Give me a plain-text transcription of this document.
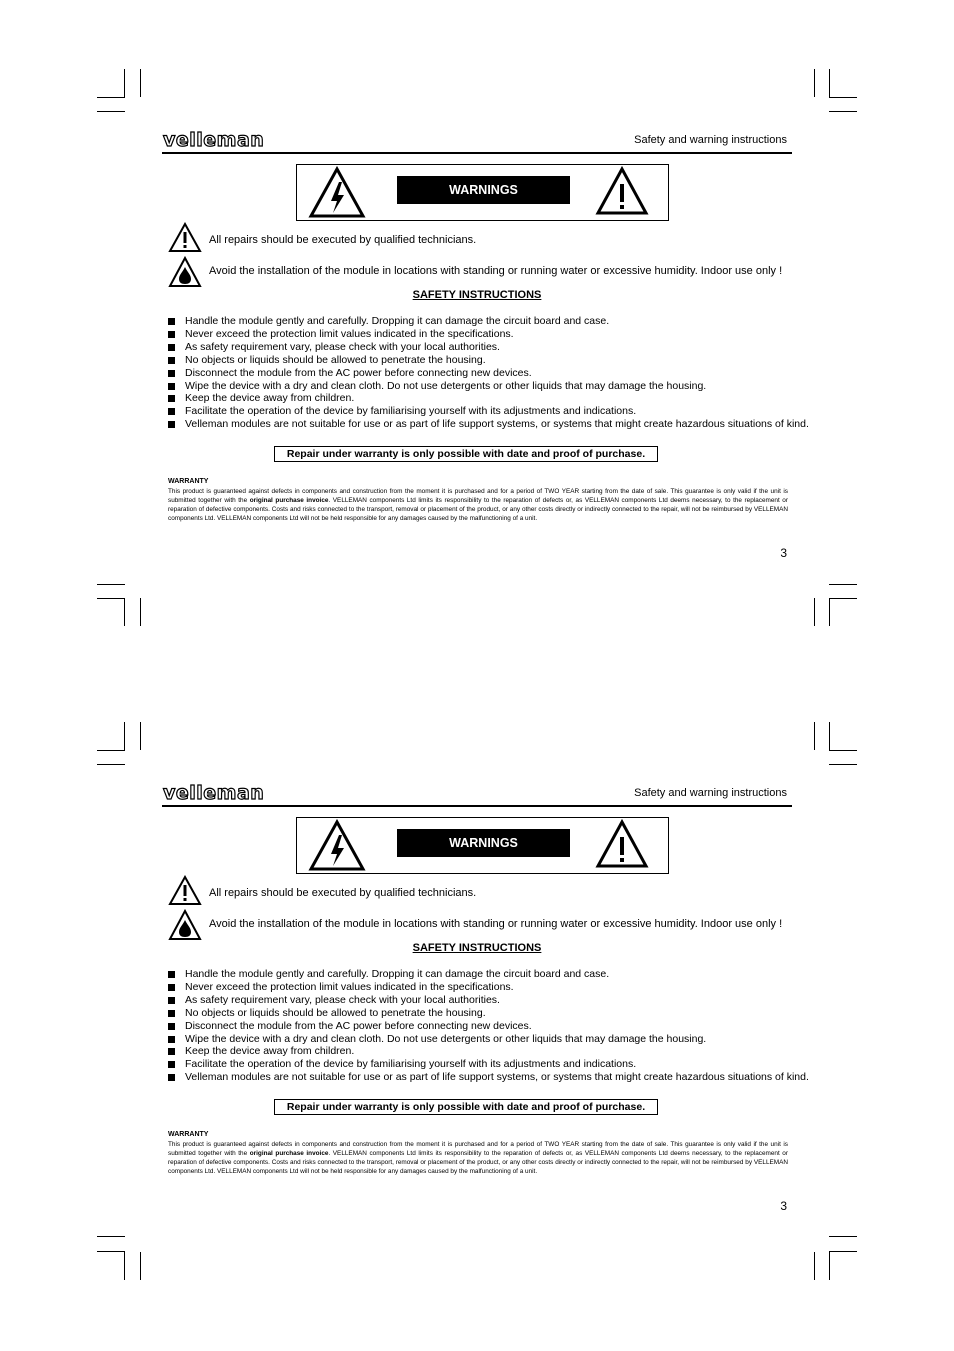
velleman	Safety and warning instructions
WARNINGS
All repairs should be executed by qualified technicians.
Avoid the installation of the module in locations with standing or running water or excessive humidity. Indoor use only !
SAFETY INSTRUCTIONS
Handle the module gently and carefully. Dropping it can damage the circuit board and case.
Never exceed the protection limit values indicated in the specifications.
As safety requirement vary, please check with your local authorities.
No objects or liquids should be allowed to penetrate the housing.
Disconnect the module from the AC power before connecting new devices.
Wipe the device with a dry and clean cloth. Do not use detergents or other liquids that may damage the housing.
Keep the device away from children.
Facilitate the operation of the device by familiarising yourself with its adjustments and indications.
Velleman modules are not suitable for use or as part of life support systems, or systems that might create hazardous situations of kind.
Repair under warranty is only possible with date and proof of purchase.
WARRANTY
This product is guaranteed against defects in components and construction from the moment it is purchased and for a period of TWO YEAR starting from the date of sale. This guarantee is only valid if the unit is submitted together with the original purchase invoice. VELLEMAN components Ltd limits its responsibility to the reparation of defects or, as VELLEMAN components Ltd deems necessary, to the replacement or reparation of defective components. Costs and risks connected to the transport, removal or placement of the product, or any other costs directly or indirectly connected to the repair, will not be reimbursed by VELLEMAN components Ltd. VELLEMAN components Ltd will not be held responsible for any damages caused by the malfunctioning of a unit.
3
velleman	Safety and warning instructions
WARNINGS
All repairs should be executed by qualified technicians.
Avoid the installation of the module in locations with standing or running water or excessive humidity. Indoor use only !
SAFETY INSTRUCTIONS
Handle the module gently and carefully. Dropping it can damage the circuit board and case.
Never exceed the protection limit values indicated in the specifications.
As safety requirement vary, please check with your local authorities.
No objects or liquids should be allowed to penetrate the housing.
Disconnect the module from the AC power before connecting new devices.
Wipe the device with a dry and clean cloth. Do not use detergents or other liquids that may damage the housing.
Keep the device away from children.
Facilitate the operation of the device by familiarising yourself with its adjustments and indications.
Velleman modules are not suitable for use or as part of life support systems, or systems that might create hazardous situations of kind.
Repair under warranty is only possible with date and proof of purchase.
WARRANTY
This product is guaranteed against defects in components and construction from the moment it is purchased and for a period of TWO YEAR starting from the date of sale. This guarantee is only valid if the unit is submitted together with the original purchase invoice. VELLEMAN components Ltd limits its responsibility to the reparation of defects or, as VELLEMAN components Ltd deems necessary, to the replacement or reparation of defective components. Costs and risks connected to the transport, removal or placement of the product, or any other costs directly or indirectly connected to the repair, will not be reimbursed by VELLEMAN components Ltd. VELLEMAN components Ltd will not be held responsible for any damages caused by the malfunctioning of a unit.
3
